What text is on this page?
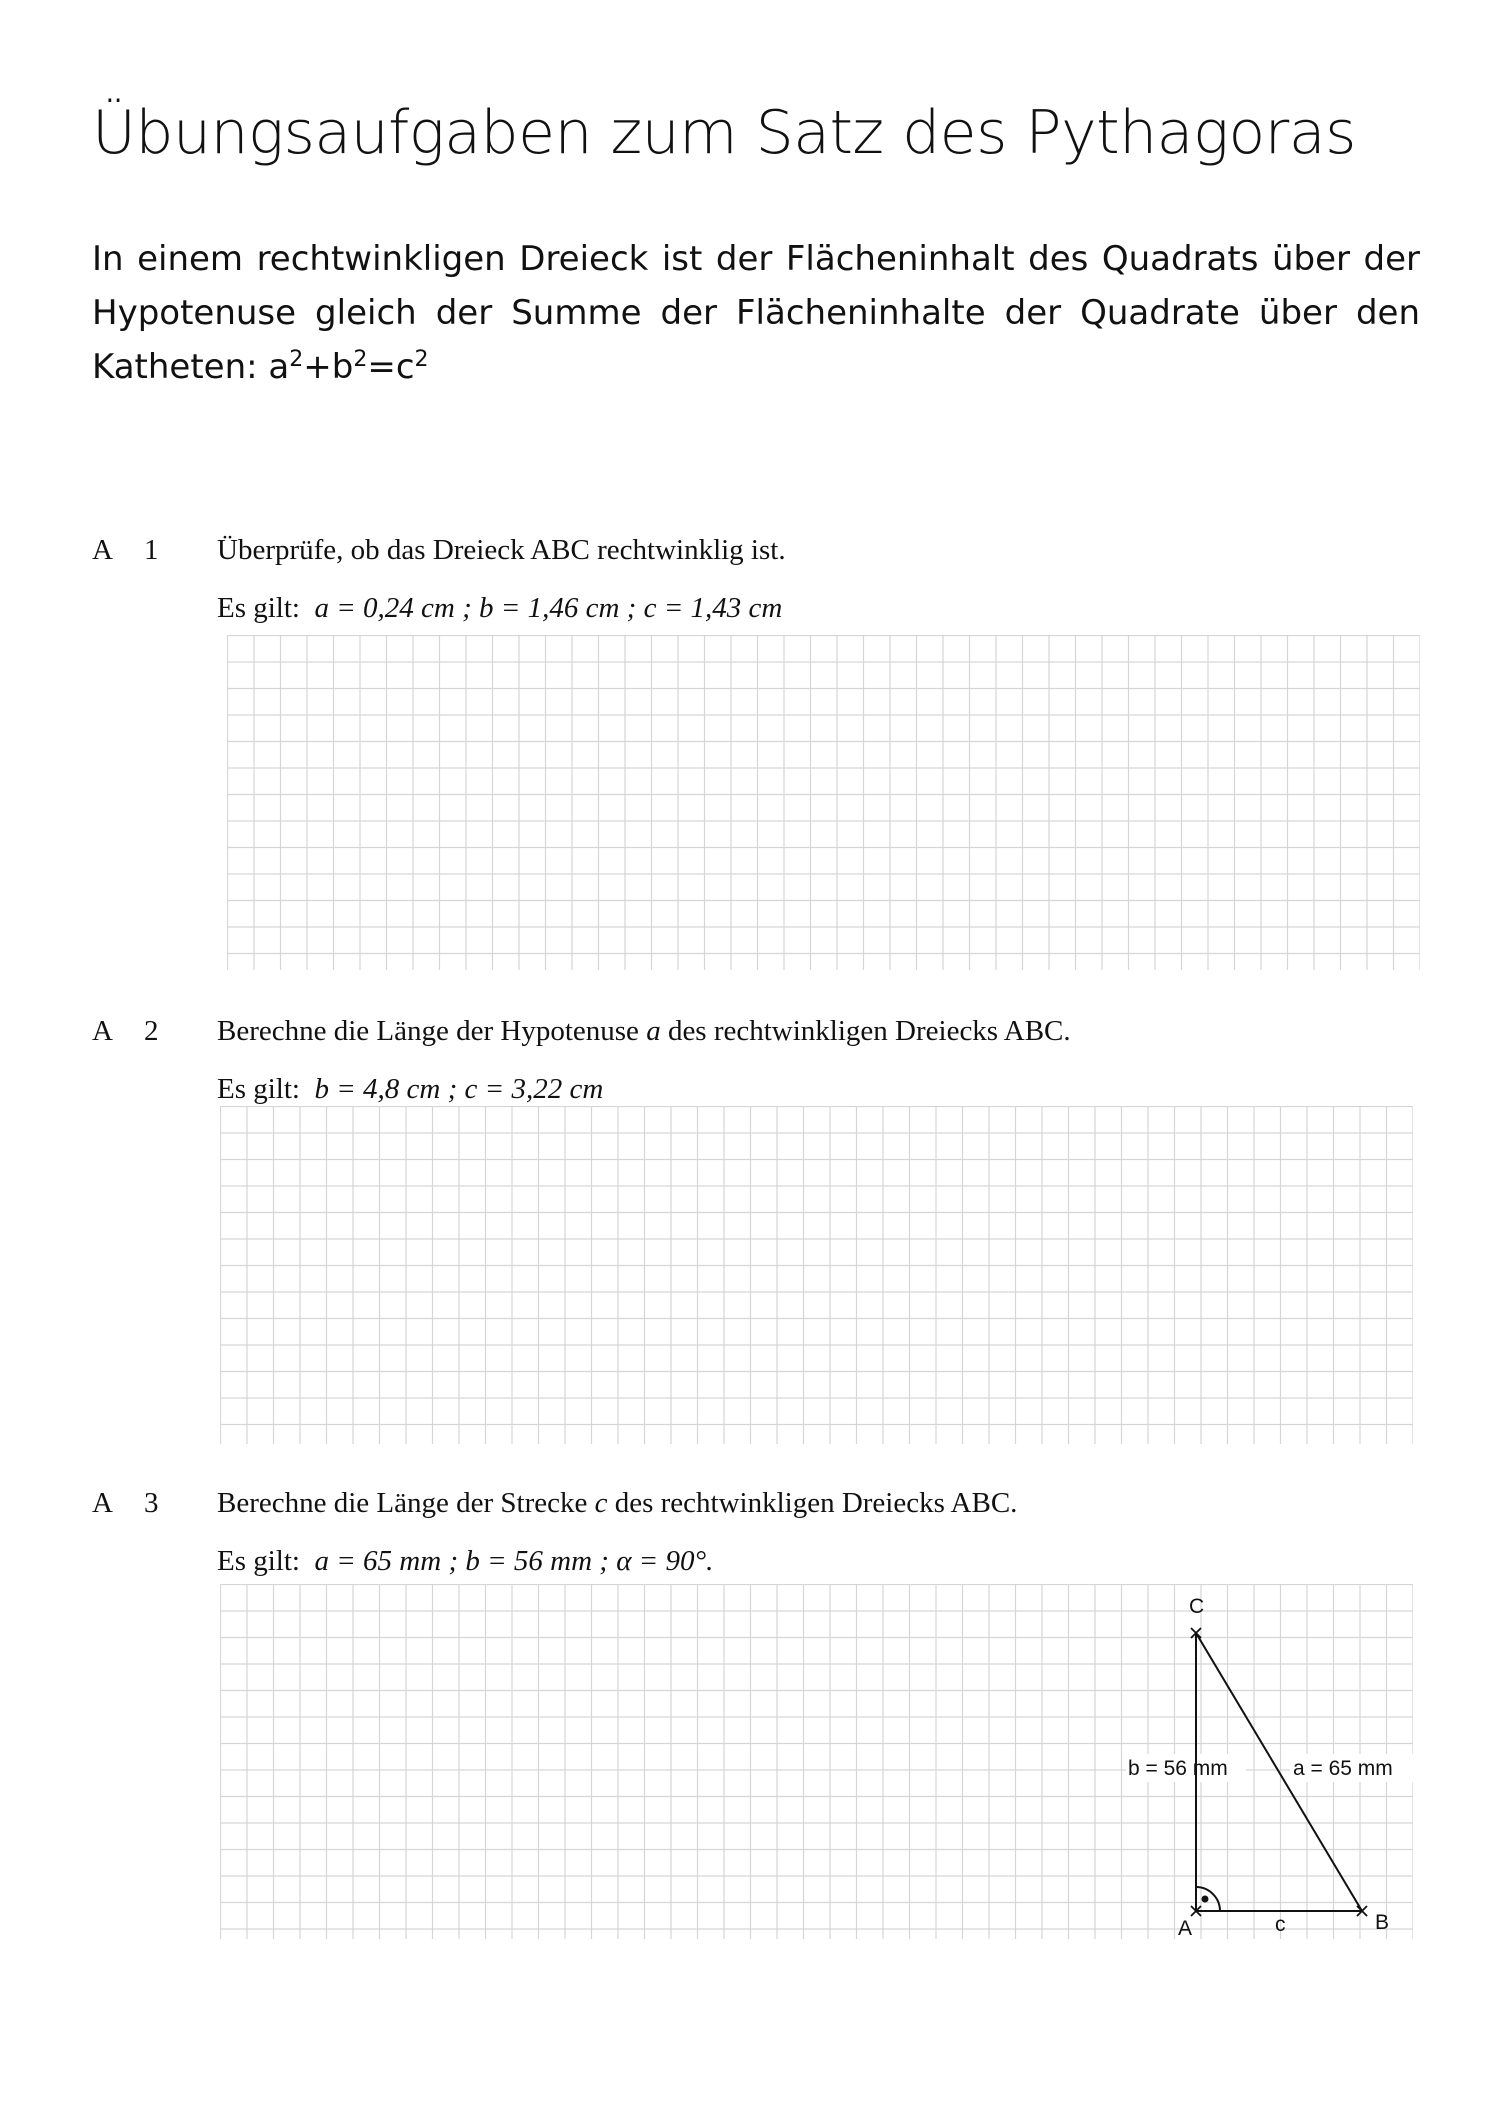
Übungsaufgaben zum Satz des Pythagoras

In einem rechtwinkligen Dreieck ist der Flächeninhalt des Quadrats über der Hypotenuse gleich der Summe der Flächeninhalte der Quadrate über den Katheten: $a^2+b^2=c^2$

A 1 Überprüfe, ob das Dreieck ABC rechtwinklig ist.
Es gilt: a = 0,24 cm ; b = 1,46 cm ; c = 1,43 cm
A 2 Berechne die Länge der Hypotenuse a des rechtwinkligen Dreiecks ABC.
Es gilt: b = 4,8 cm ; c = 3,22 cm
A 3 Berechne die Länge der Strecke c des rechtwinkligen Dreiecks ABC.
Es gilt: a = 65 mm ; b = 56 mm ; α = 90°.
C
A	B
b = 56 mm	a = 65 mm
c
